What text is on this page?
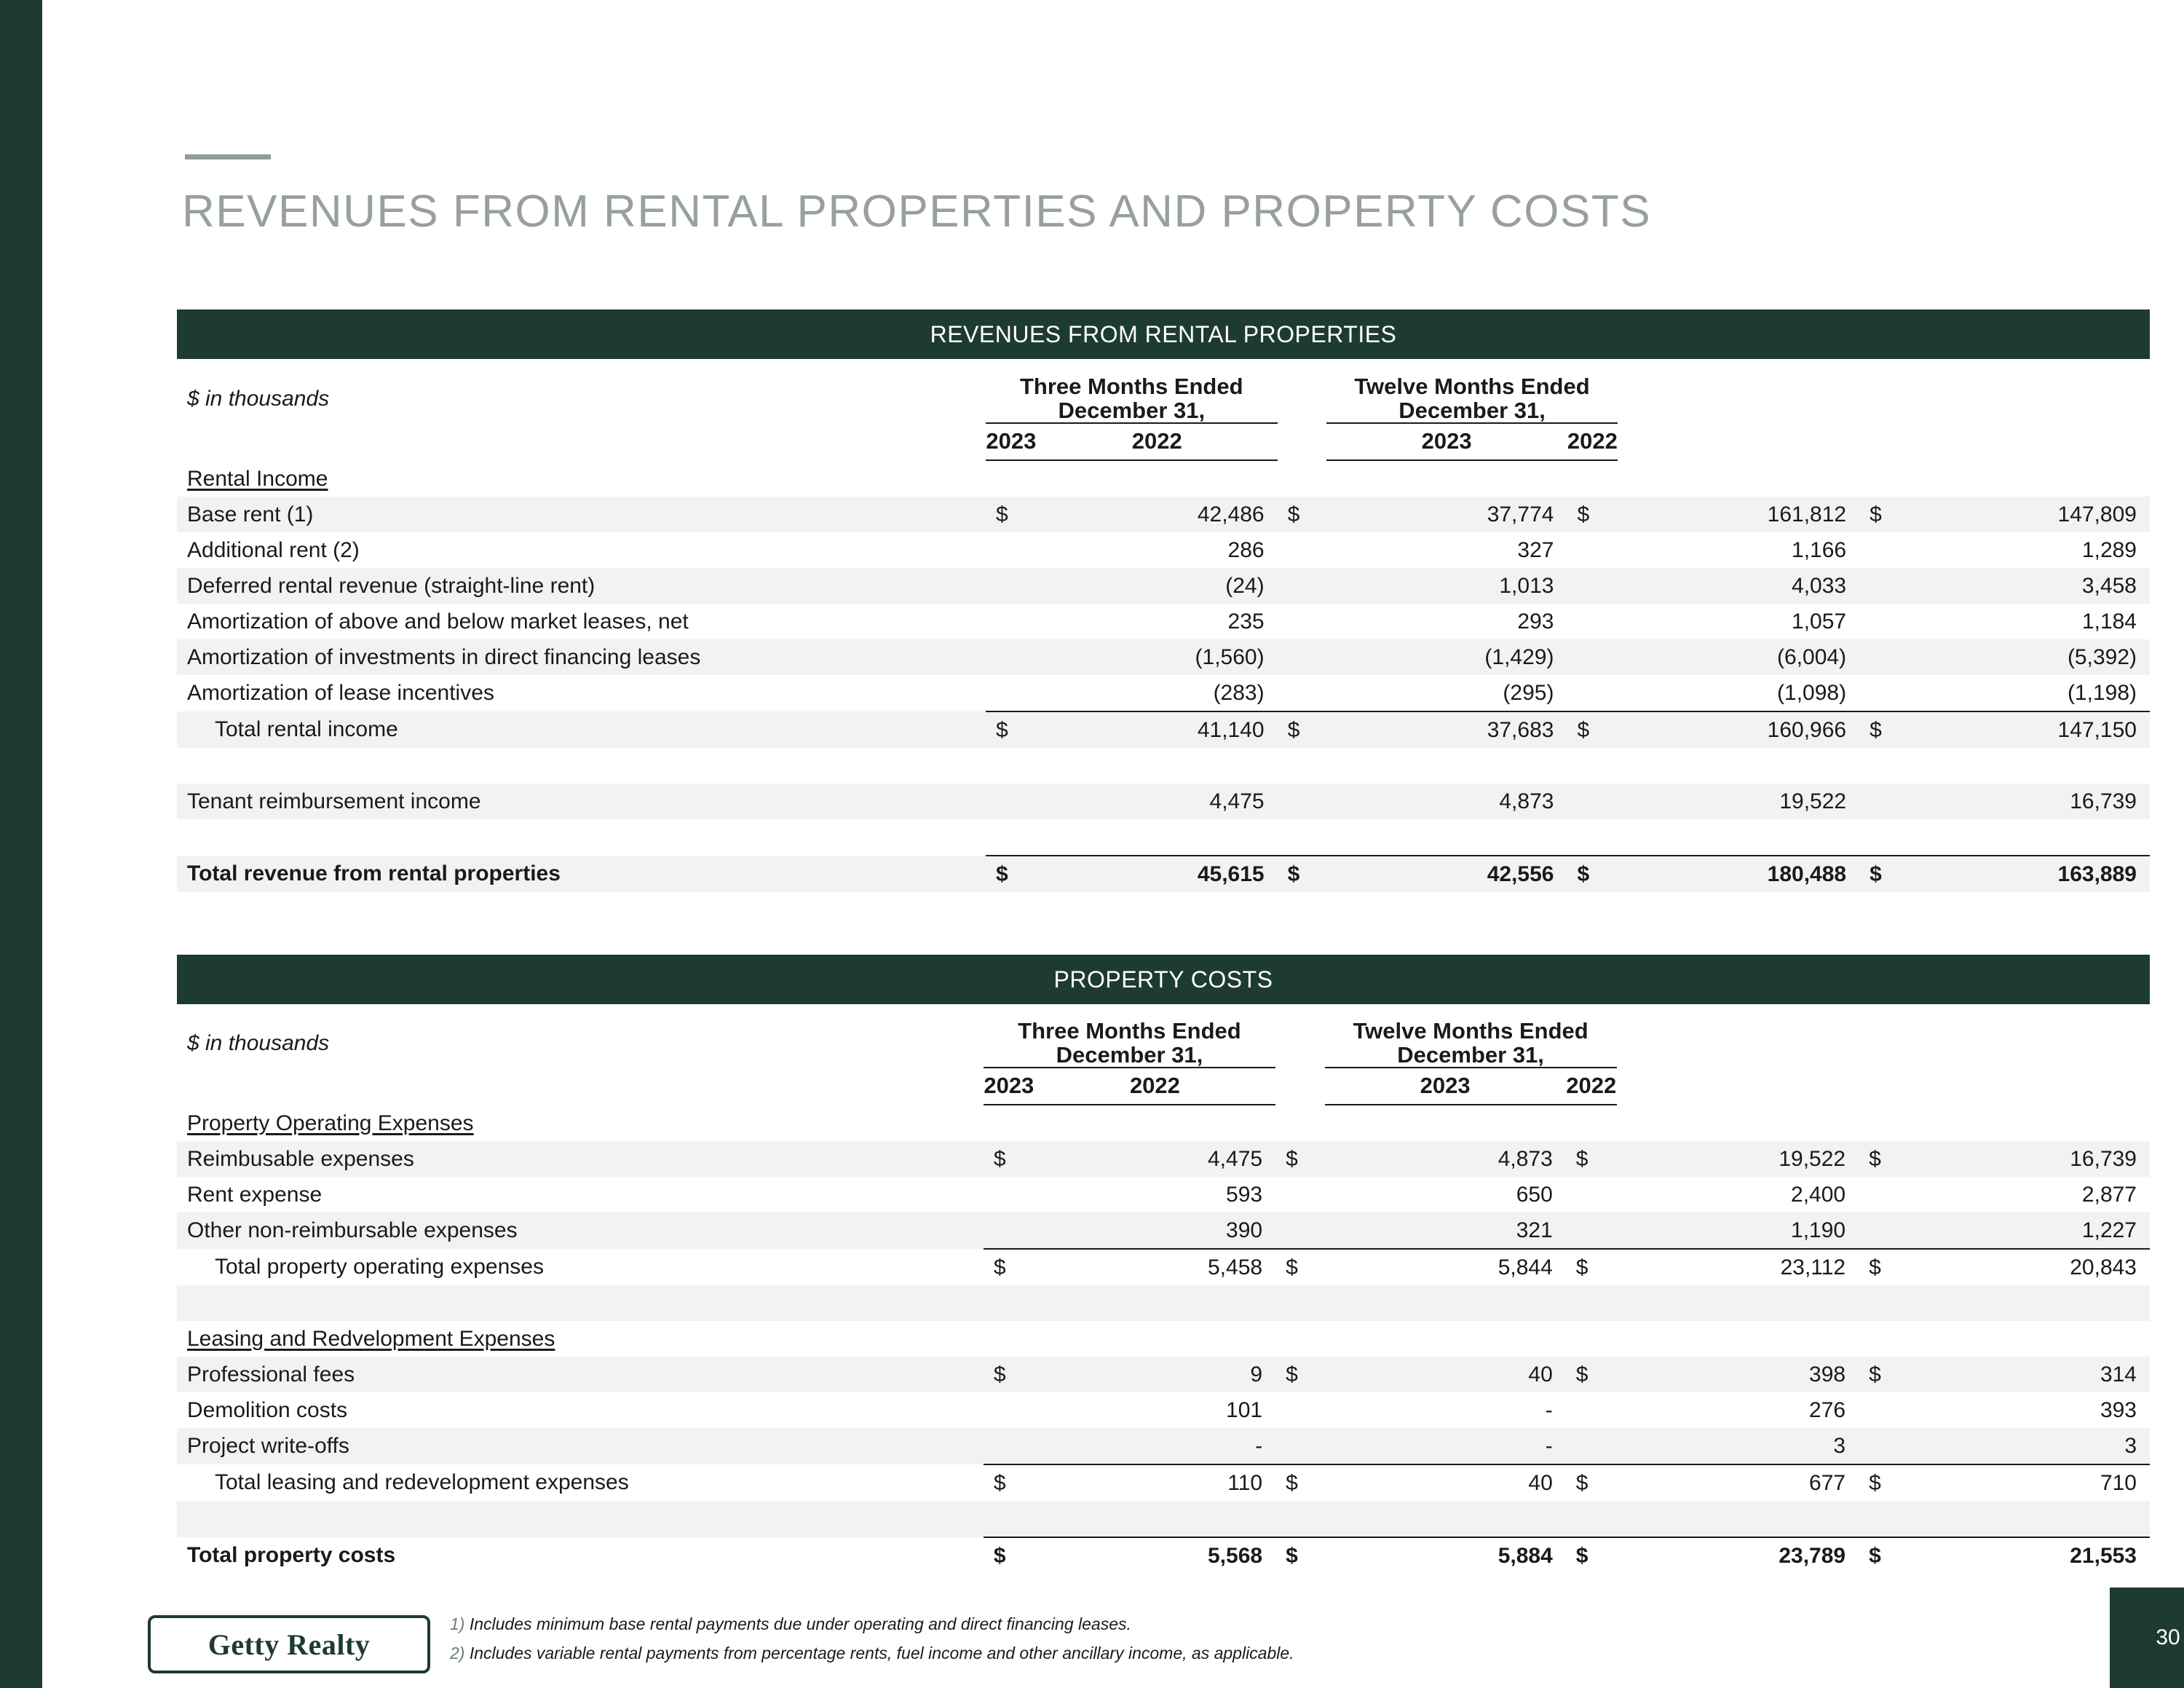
REVENUES FROM RENTAL PROPERTIES AND PROPERTY COSTS
REVENUES FROM RENTAL PROPERTIES
$ in thousands	Three Months Ended December 31,			Twelve Months Ended December 31,				
	2023	2022		2023	2022			
Rental Income								
Base rent (1)	$	42,486	$	37,774	$	161,812	$	147,809
Additional rent (2)		286		327		1,166		1,289
Deferred rental revenue (straight-line rent)		(24)		1,013		4,033		3,458
Amortization of above and below market leases, net		235		293		1,057		1,184
Amortization of investments in direct financing leases		(1,560)		(1,429)		(6,004)		(5,392)
Amortization of lease incentives		(283)		(295)		(1,098)		(1,198)
Total rental income	$	41,140	$	37,683	$	160,966	$	147,150

Tenant reimbursement income		4,475		4,873		19,522		16,739

Total revenue from rental properties	$	45,615	$	42,556	$	180,488	$	163,889
PROPERTY COSTS
$ in thousands	Three Months Ended December 31,			Twelve Months Ended December 31,				
	2023	2022		2023	2022			
Property Operating Expenses								
Reimbusable expenses	$	4,475	$	4,873	$	19,522	$	16,739
Rent expense		593		650		2,400		2,877
Other non-reimbursable expenses		390		321		1,190		1,227
Total property operating expenses	$	5,458	$	5,844	$	23,112	$	20,843

Leasing and Redvelopment Expenses								
Professional fees	$	9	$	40	$	398	$	314
Demolition costs		101		-		276		393
Project write-offs		-		-		3		3
Total leasing and redevelopment expenses	$	110	$	40	$	677	$	710

Total property costs	$	5,568	$	5,884	$	23,789	$	21,553
1) Includes minimum base rental payments due under operating and direct financing leases.
2) Includes variable rental payments from percentage rents, fuel income and other ancillary income, as applicable.
Getty Realty	30
